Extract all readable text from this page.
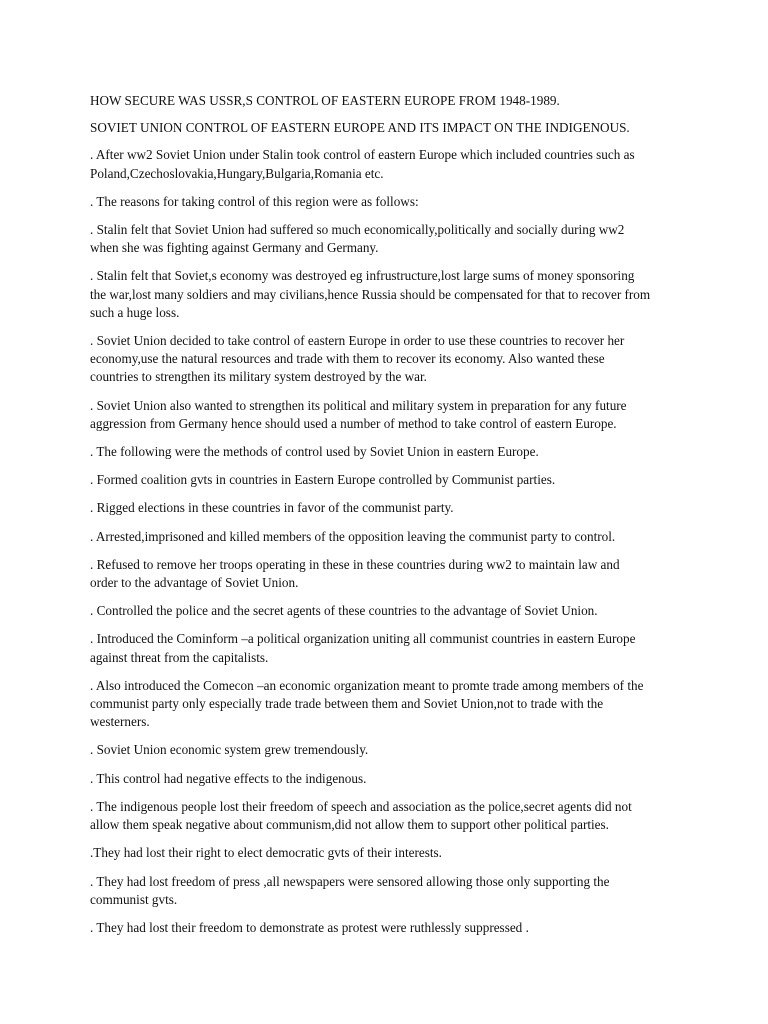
HOW SECURE WAS USSR,S CONTROL OF EASTERN EUROPE FROM 1948-1989.

SOVIET UNION CONTROL OF EASTERN EUROPE AND ITS IMPACT ON THE INDIGENOUS.

. After ww2 Soviet Union under Stalin took control of eastern Europe which included countries such as
Poland,Czechoslovakia,Hungary,Bulgaria,Romania etc.

. The reasons for taking control of this region were as follows:

. Stalin felt that Soviet Union had suffered so much economically,politically and socially during ww2
when she was fighting against Germany and Germany.

. Stalin felt that Soviet,s economy was destroyed eg infrustructure,lost large sums of money sponsoring
the war,lost many soldiers and may civilians,hence Russia should be compensated for that to recover from
such a huge loss.

. Soviet Union decided to take control of eastern Europe in order to use these countries to recover her
economy,use the natural resources and trade with them to recover its economy. Also wanted these
countries to strengthen its military system destroyed by the war.

. Soviet Union also wanted to strengthen its political and military system in preparation for any future
aggression from Germany hence should used a number of method to take control of eastern Europe.

. The following were the methods of control used by Soviet Union in eastern Europe.

. Formed coalition gvts in countries in Eastern Europe controlled by Communist parties.

. Rigged elections in these countries in favor of the communist party.

. Arrested,imprisoned and killed members of the opposition leaving the communist party to control.

. Refused to remove her troops operating in these in these countries during ww2 to maintain law and
order to the advantage of Soviet Union.

. Controlled the police and the secret agents of these countries to the advantage of Soviet Union.

. Introduced the Cominform –a political organization uniting all communist countries in eastern Europe
against threat from the capitalists.

. Also introduced the Comecon –an economic organization meant to promte trade among members of the
communist party only especially trade trade between them and Soviet Union,not to trade with the
westerners.

. Soviet Union economic system grew tremendously.

. This control had negative effects to the indigenous.

. The indigenous people lost their freedom of speech and association as the police,secret agents did not
allow them speak negative about communism,did not allow them to support other political parties.

.They had lost their right to elect democratic gvts of their interests.

. They had lost freedom of press ,all newspapers were sensored allowing those only supporting the
communist gvts.

. They had lost their freedom to demonstrate as protest were ruthlessly suppressed .
